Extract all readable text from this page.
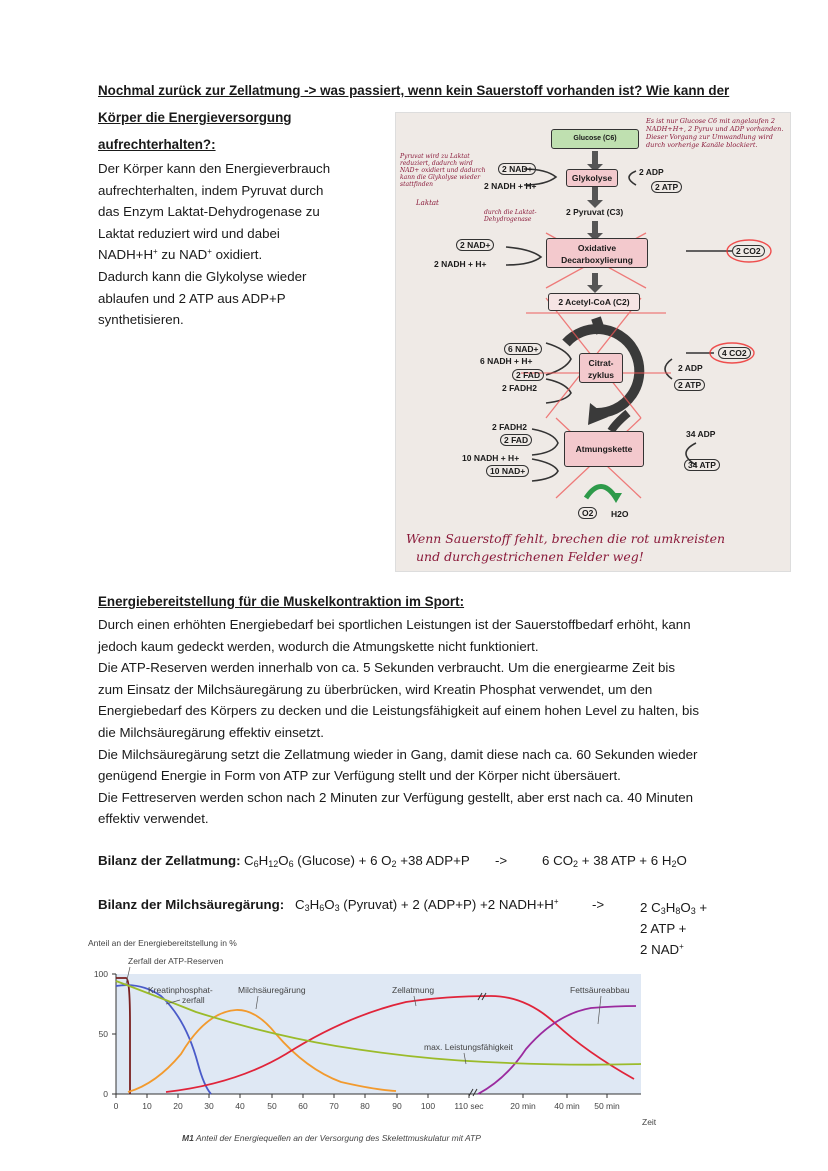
Nochmal zurück zur Zellatmung -> was passiert, wenn kein Sauerstoff vorhanden ist? Wie kann der
Körper die Energieversorgung
aufrechterhalten?:
Der Körper kann den Energieverbrauch
aufrechterhalten, indem Pyruvat durch
das Enzym Laktat-Dehydrogenase zu
Laktat reduziert wird und dabei
NADH+H+ zu NAD+ oxidiert.
Dadurch kann die Glykolyse wieder
ablaufen und 2 ATP aus ADP+P
synthetisieren.
Glucose (C6)
Glykolyse
2 Pyruvat (C3)
Oxidative Decarboxylierung
2 Acetyl-CoA (C2)
Citrat-zyklus
Atmungskette
2 NAD+
2 NADH + H+
2 ADP
2 ATP
2 NAD+
2 NADH + H+
2 CO2
6 NAD+
6 NADH + H+
2 FAD
2 FADH2
4 CO2
2 ADP
2 ATP
2 FADH2
2 FAD
10 NADH + H+
10 NAD+
34 ADP
34 ATP
O2	H2O
Pyruvat wird zu Laktat reduziert, dadurch wird NAD+ oxidiert und dadurch kann die Glykolyse wieder stattfinden
Laktat
durch die Laktat-Dehydrogenase
Es ist nur Glucose C6 mit angelaufen 2 NADH+H+, 2 Pyruv und ADP vorhanden. Dieser Vorgang zur Umwandlung wird durch vorherige Kanäle blockiert.
Wenn Sauerstoff fehlt, brechen die rot umkreisten
und durchgestrichenen Felder weg!
Energiebereitstellung für die Muskelkontraktion im Sport:
Durch einen erhöhten Energiebedarf bei sportlichen Leistungen ist der Sauerstoffbedarf erhöht, kann
jedoch kaum gedeckt werden, wodurch die Atmungskette nicht funktioniert.
Die ATP-Reserven werden innerhalb von ca. 5 Sekunden verbraucht. Um die energiearme Zeit bis
zum Einsatz der Milchsäuregärung zu überbrücken, wird Kreatin Phosphat verwendet, um den
Energiebedarf des Körpers zu decken und die Leistungsfähigkeit auf einem hohen Level zu halten, bis
die Milchsäuregärung effektiv einsetzt.
Die Milchsäuregärung setzt die Zellatmung wieder in Gang, damit diese nach ca. 60 Sekunden wieder
genügend Energie in Form von ATP zur Verfügung stellt und der Körper nicht übersäuert.
Die Fettreserven werden schon nach 2 Minuten zur Verfügung gestellt, aber erst nach ca. 40 Minuten
effektiv verwendet.
Bilanz der Zellatmung: $C_6H_{12}O_6$ (Glucose) + 6 $O_2 +38$ ADP+P ->	6 $CO_2 + 38$ ATP + 6 $H_2O$
Bilanz der Milchsäuregärung: $C_3H_6O_3$ (Pyruvat) + 2 (ADP+P) +2 NADH+H+	->	2 $C_3H_8O_3$ +
2 ATP +
2 NAD+
Anteil an der Energiebereitstellung in %
0
50
100
0	10	20	30	40	50	60	70	80	90 100 110 sec	20 min 40 min 50 min
Zerfall der ATP-Reserven
Kreatinphosphat-
zerfall
Milchsäuregärung	Zellatmung	Fettsäureabbau
max. Leistungsfähigkeit
Zeit
M1 Anteil der Energiequellen an der Versorgung des Skelettmuskulatur mit ATP
